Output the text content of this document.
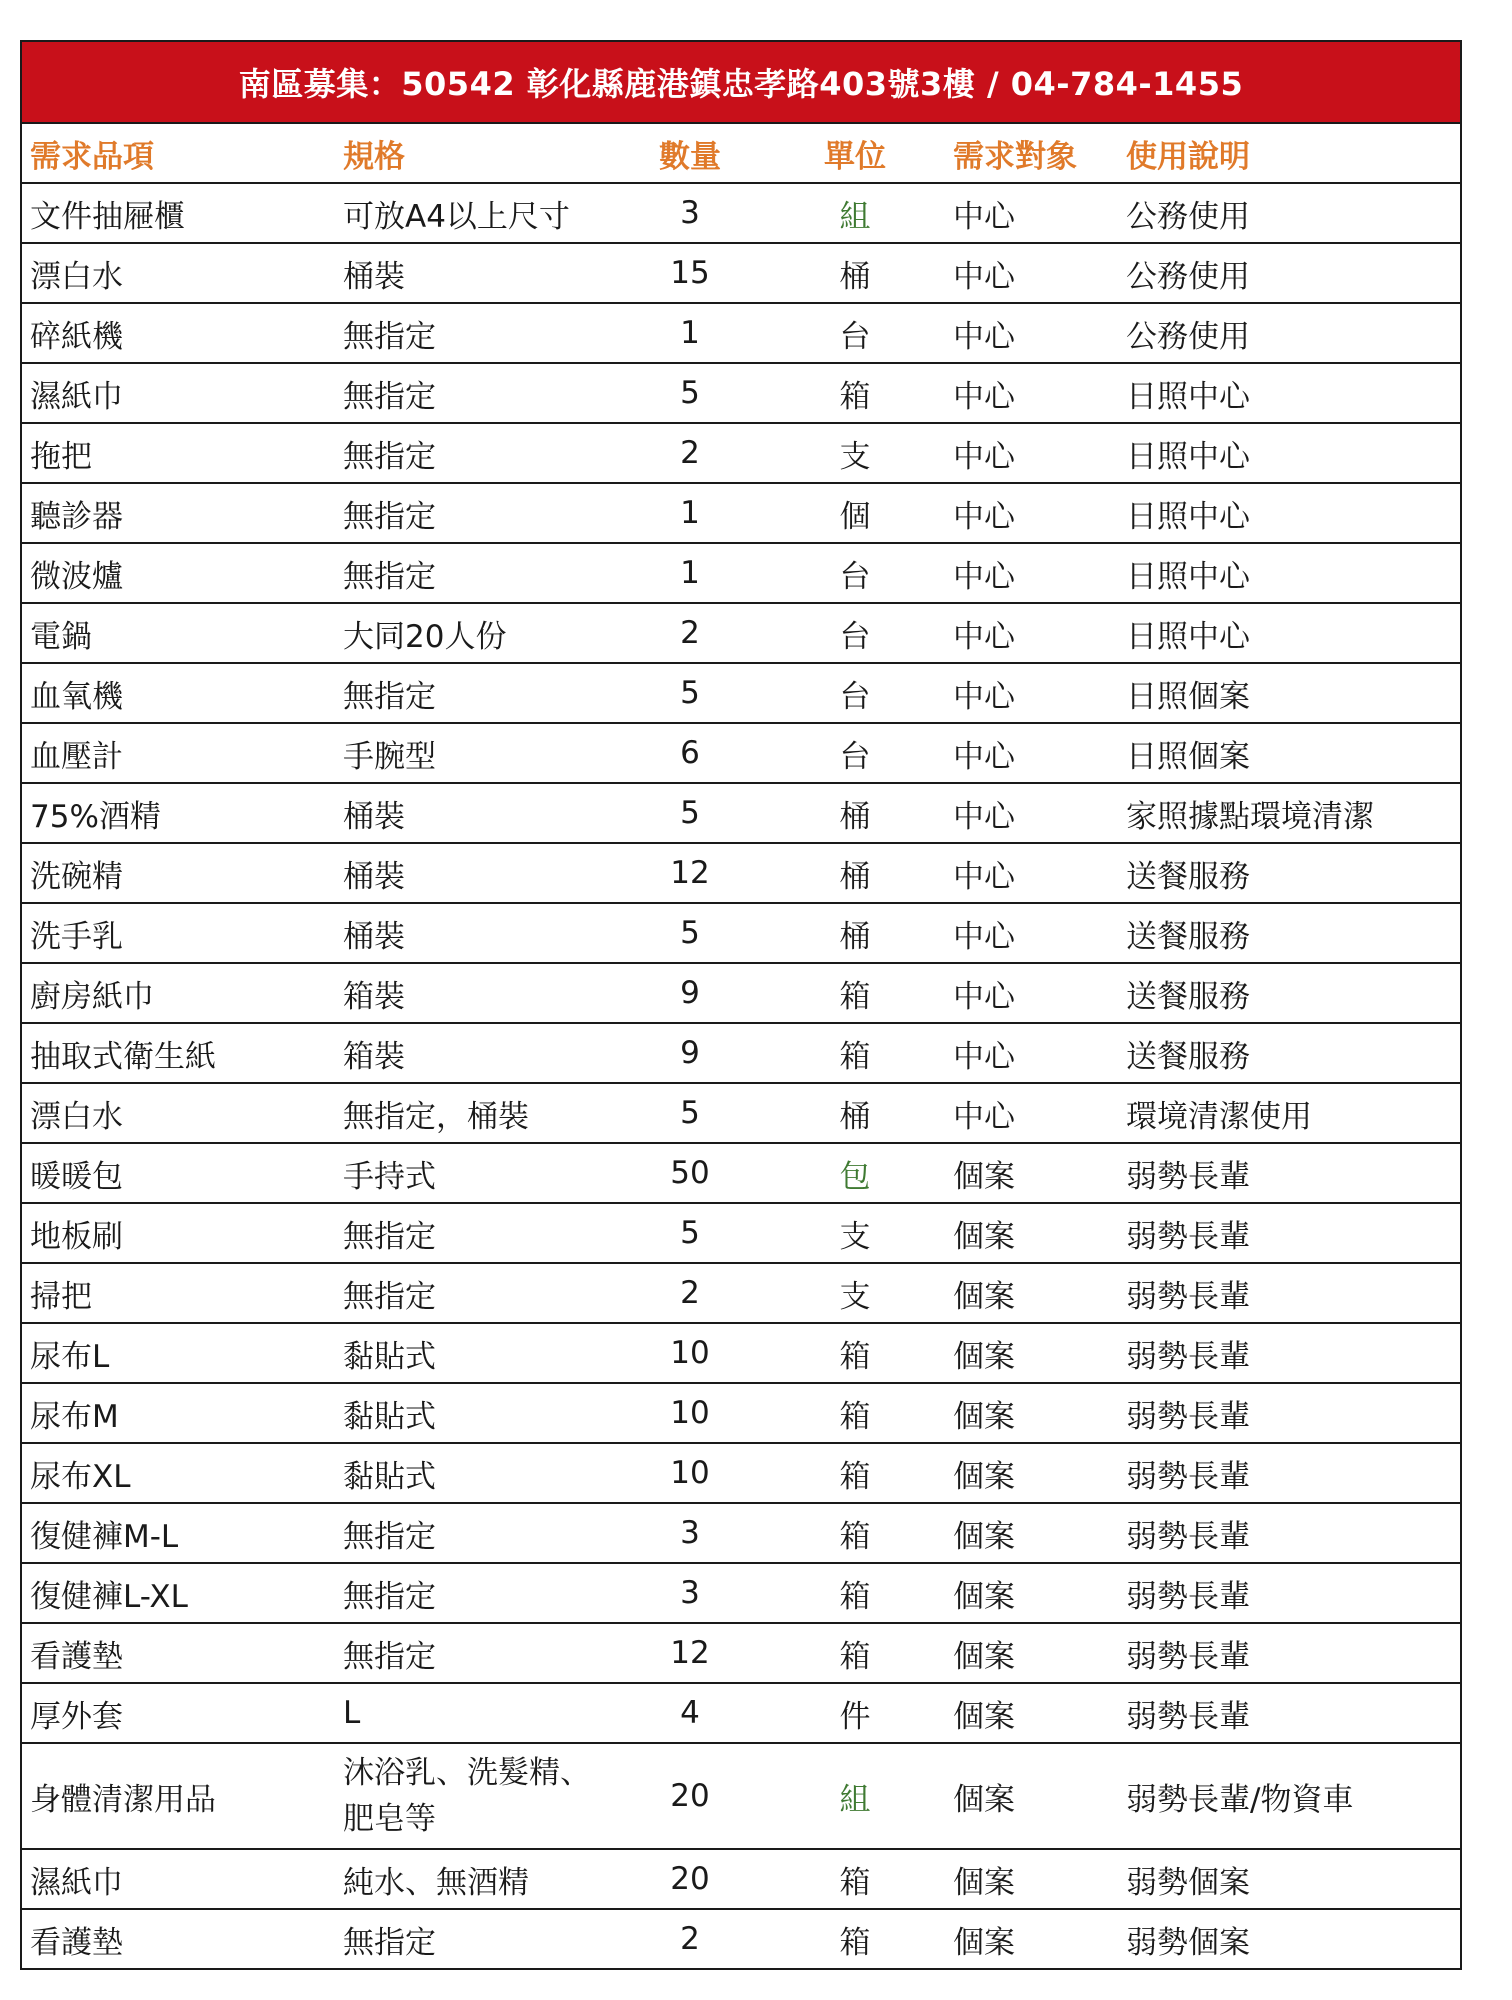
南區募集：50542 彰化縣鹿港鎮忠孝路403號3樓 / 04-784-1455
需求品項	規格	數量	單位	需求對象	使用說明
文件抽屜櫃	可放A4以上尺寸	3	組	中心	公務使用
漂白水	桶裝	15	桶	中心	公務使用
碎紙機	無指定	1	台	中心	公務使用
濕紙巾	無指定	5	箱	中心	日照中心
拖把	無指定	2	支	中心	日照中心
聽診器	無指定	1	個	中心	日照中心
微波爐	無指定	1	台	中心	日照中心
電鍋	大同20人份	2	台	中心	日照中心
血氧機	無指定	5	台	中心	日照個案
血壓計	手腕型	6	台	中心	日照個案
75%酒精	桶裝	5	桶	中心	家照據點環境清潔
洗碗精	桶裝	12	桶	中心	送餐服務
洗手乳	桶裝	5	桶	中心	送餐服務
廚房紙巾	箱裝	9	箱	中心	送餐服務
抽取式衛生紙	箱裝	9	箱	中心	送餐服務
漂白水	無指定，桶裝	5	桶	中心	環境清潔使用
暖暖包	手持式	50	包	個案	弱勢長輩
地板刷	無指定	5	支	個案	弱勢長輩
掃把	無指定	2	支	個案	弱勢長輩
尿布L	黏貼式	10	箱	個案	弱勢長輩
尿布M	黏貼式	10	箱	個案	弱勢長輩
尿布XL	黏貼式	10	箱	個案	弱勢長輩
復健褲M-L	無指定	3	箱	個案	弱勢長輩
復健褲L-XL	無指定	3	箱	個案	弱勢長輩
看護墊	無指定	12	箱	個案	弱勢長輩
厚外套	L	4	件	個案	弱勢長輩
身體清潔用品	沐浴乳、洗髮精、肥皂等	20	組	個案	弱勢長輩/物資車
濕紙巾	純水、無酒精	20	箱	個案	弱勢個案
看護墊	無指定	2	箱	個案	弱勢個案
